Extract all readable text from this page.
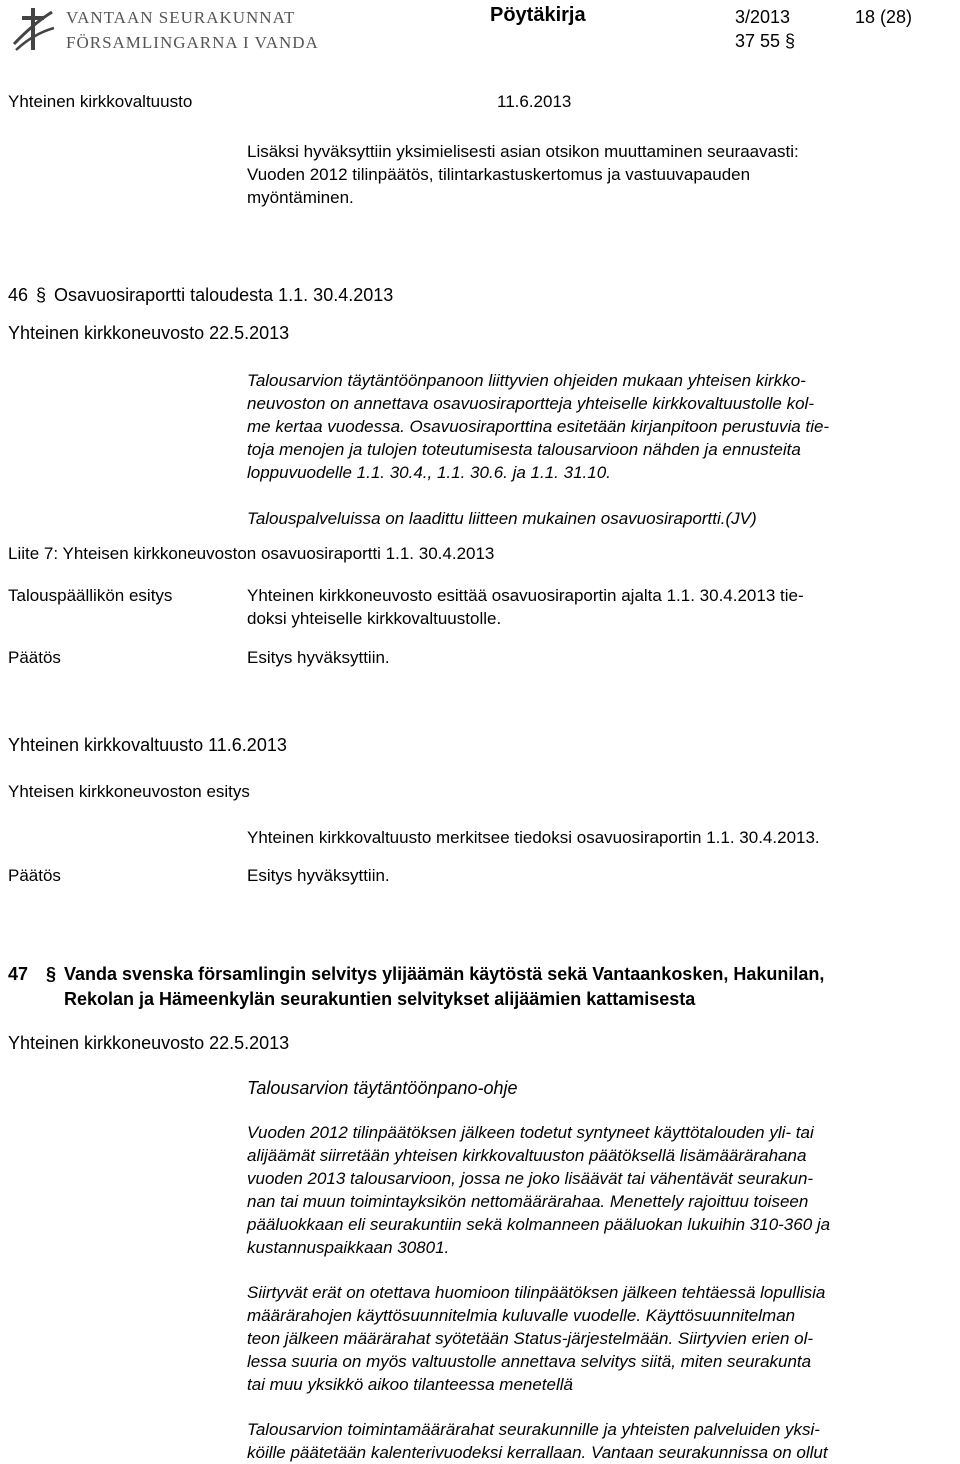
VANTAAN SEURAKUNNAT
FÖRSAMLINGARNA I VANDA
Pöytäkirja	3/2013	18 (28)
37 55 §
Yhteinen kirkkovaltuusto	11.6.2013
Lisäksi hyväksyttiin yksimielisesti asian otsikon muuttaminen seuraavasti:
Vuoden 2012 tilinpäätös, tilintarkastuskertomus ja vastuuvapauden
myöntäminen.
46 § Osavuosiraportti taloudesta 1.1. 30.4.2013
Yhteinen kirkkoneuvosto 22.5.2013
Talousarvion täytäntöönpanoon liittyvien ohjeiden mukaan yhteisen kirkko-
neuvoston on annettava osavuosiraportteja yhteiselle kirkkovaltuustolle kol-
me kertaa vuodessa. Osavuosiraporttina esitetään kirjanpitoon perustuvia tie-
toja menojen ja tulojen toteutumisesta talousarvioon nähden ja ennusteita
loppuvuodelle 1.1. 30.4., 1.1. 30.6. ja 1.1. 31.10.
Talouspalveluissa on laadittu liitteen mukainen osavuosiraportti.(JV)
Liite 7: Yhteisen kirkkoneuvoston osavuosiraportti 1.1. 30.4.2013
Talouspäällikön esitys	Yhteinen kirkkoneuvosto esittää osavuosiraportin ajalta 1.1. 30.4.2013 tie-
doksi yhteiselle kirkkovaltuustolle.
Päätös	Esitys hyväksyttiin.
Yhteinen kirkkovaltuusto 11.6.2013
Yhteisen kirkkoneuvoston esitys
Yhteinen kirkkovaltuusto merkitsee tiedoksi osavuosiraportin 1.1. 30.4.2013.
Päätös	Esitys hyväksyttiin.
47 § Vanda svenska församlingin selvitys ylijäämän käytöstä sekä Vantaankosken, Hakunilan,
Rekolan ja Hämeenkylän seurakuntien selvitykset alijäämien kattamisesta
Yhteinen kirkkoneuvosto 22.5.2013
Talousarvion täytäntöönpano-ohje
Vuoden 2012 tilinpäätöksen jälkeen todetut syntyneet käyttötalouden yli- tai
alijäämät siirretään yhteisen kirkkovaltuuston päätöksellä lisämäärärahana
vuoden 2013 talousarvioon, jossa ne joko lisäävät tai vähentävät seurakun-
nan tai muun toimintayksikön nettomäärärahaa. Menettely rajoittuu toiseen
pääluokkaan eli seurakuntiin sekä kolmanneen pääluokan lukuihin 310-360 ja
kustannuspaikkaan 30801.
Siirtyvät erät on otettava huomioon tilinpäätöksen jälkeen tehtäessä lopullisia
määrärahojen käyttösuunnitelmia kuluvalle vuodelle. Käyttösuunnitelman
teon jälkeen määrärahat syötetään Status-järjestelmään. Siirtyvien erien ol-
lessa suuria on myös valtuustolle annettava selvitys siitä, miten seurakunta
tai muu yksikkö aikoo tilanteessa menetellä
Talousarvion toimintamäärärahat seurakunnille ja yhteisten palveluiden yksi-
köille päätetään kalenterivuodeksi kerrallaan. Vantaan seurakunnissa on ollut
